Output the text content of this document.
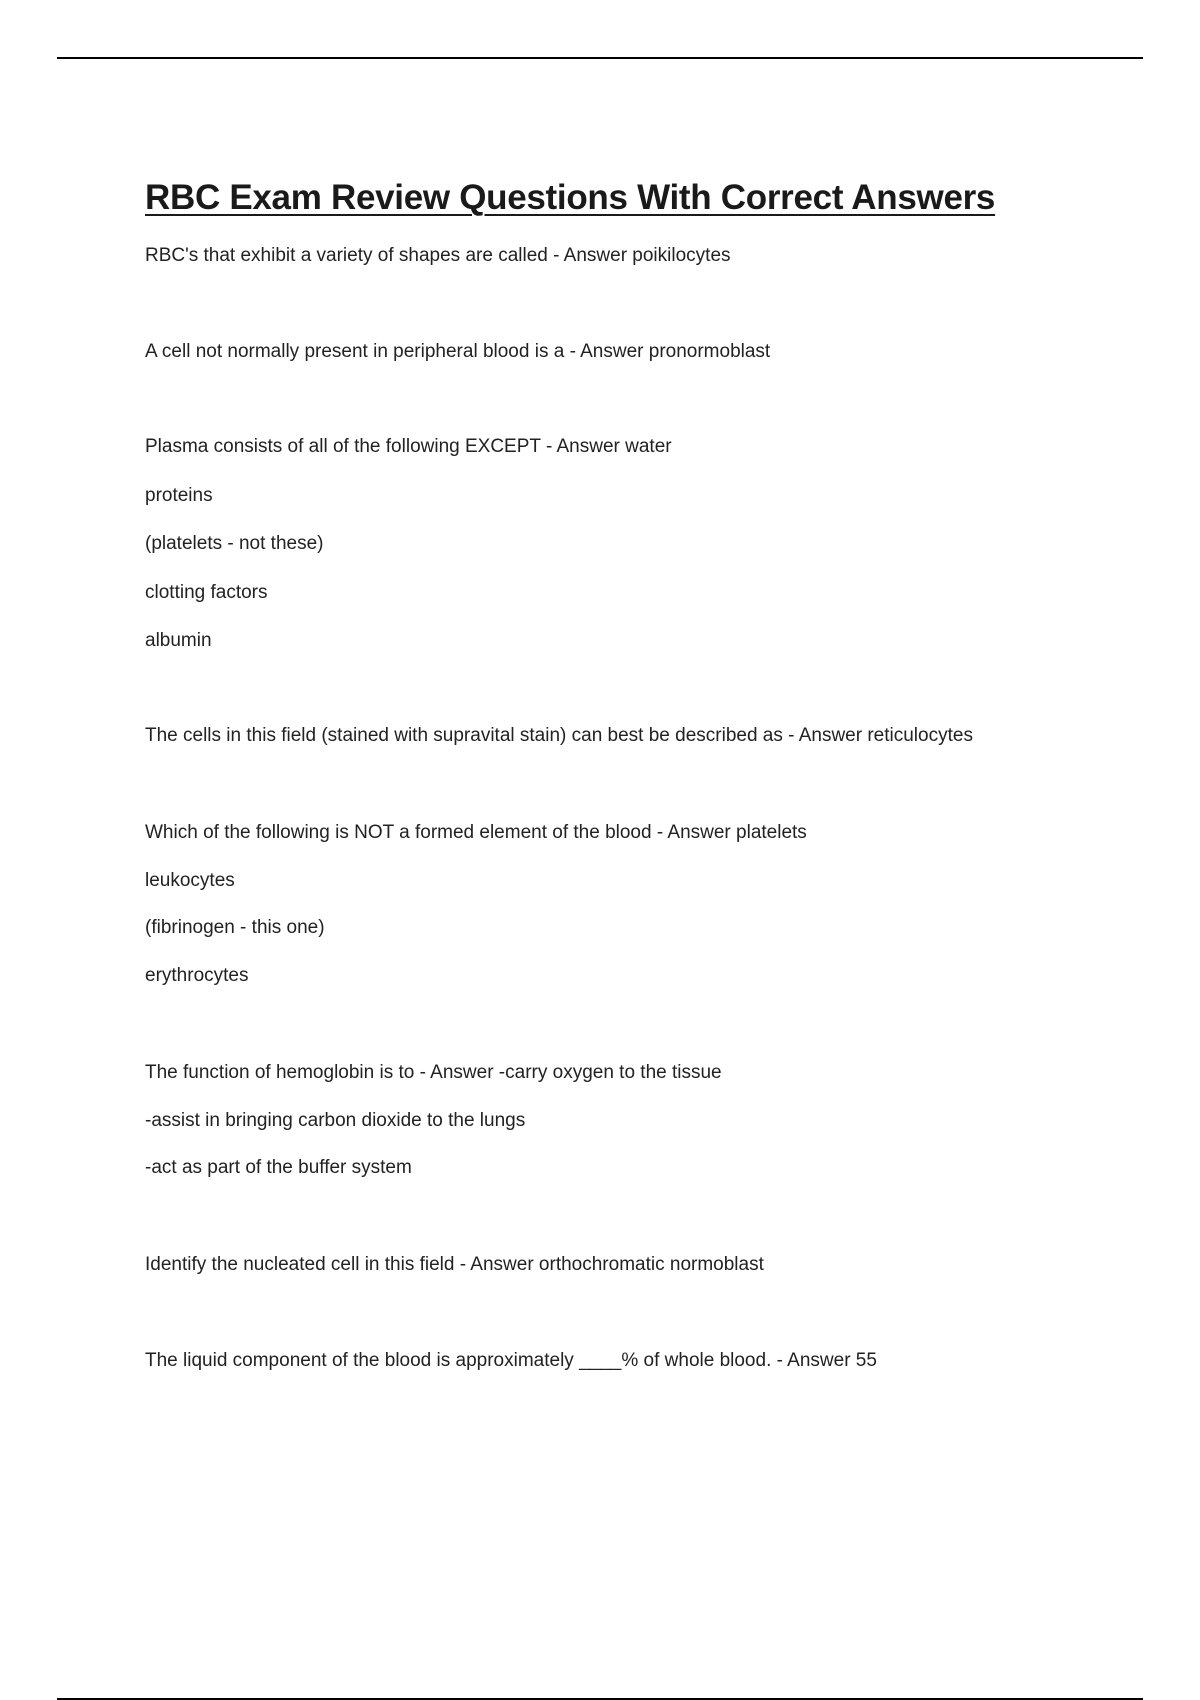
RBC Exam Review Questions With Correct Answers

RBC's that exhibit a variety of shapes are called - Answer poikilocytes

A cell not normally present in peripheral blood is a - Answer pronormoblast

Plasma consists of all of the following EXCEPT - Answer water

proteins

(platelets - not these)

clotting factors

albumin

The cells in this field (stained with supravital stain) can best be described as - Answer reticulocytes

Which of the following is NOT a formed element of the blood - Answer platelets

leukocytes

(fibrinogen - this one)

erythrocytes

The function of hemoglobin is to - Answer -carry oxygen to the tissue

-assist in bringing carbon dioxide to the lungs

-act as part of the buffer system

Identify the nucleated cell in this field - Answer orthochromatic normoblast

The liquid component of the blood is approximately ____% of whole blood. - Answer 55
